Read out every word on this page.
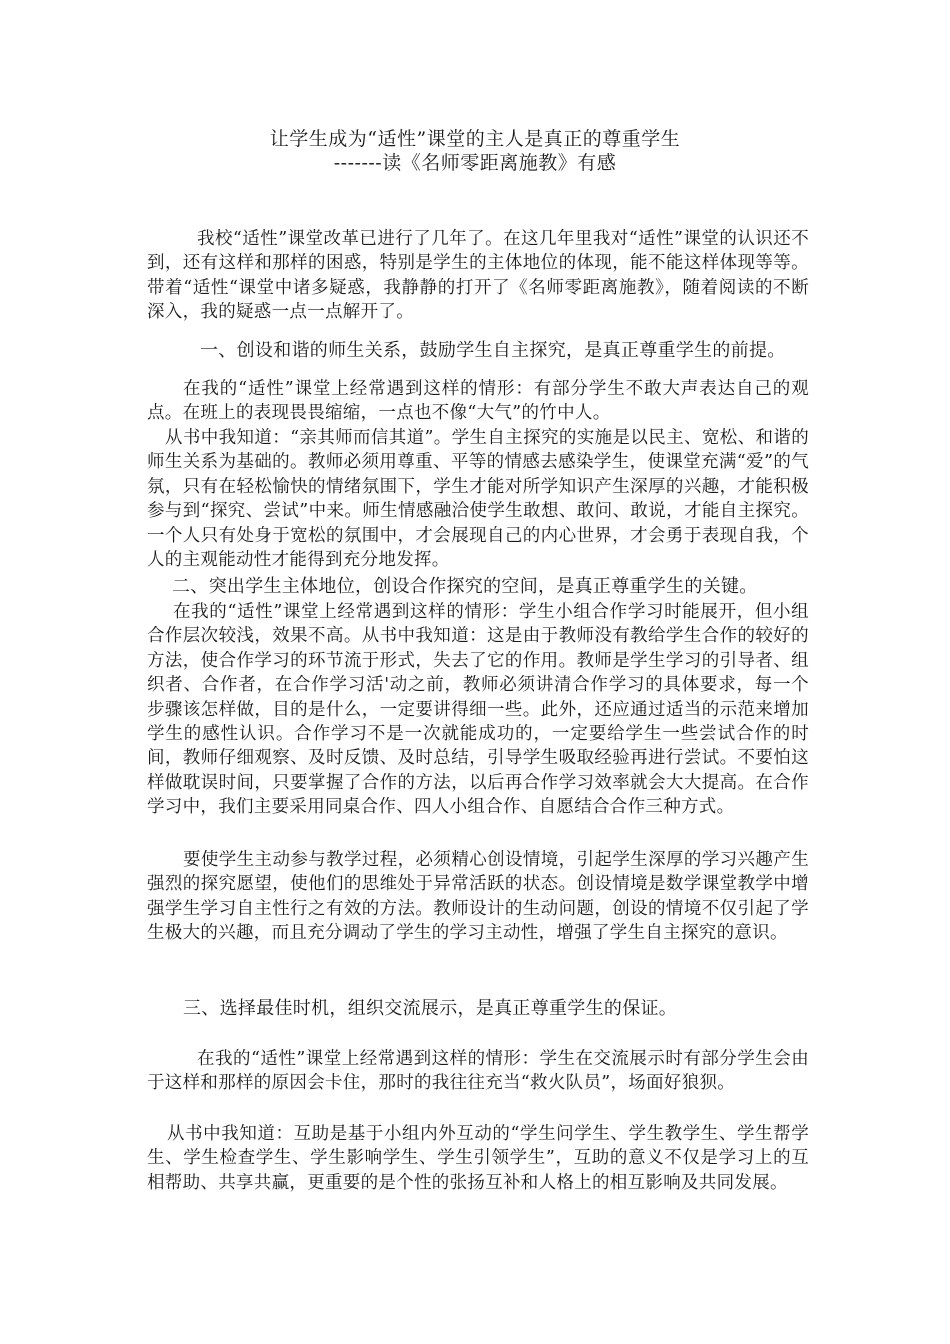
让学生成为“适性”课堂的主人是真正的尊重学生
-------读《名师零距离施教》有感
我校“适性”课堂改革已进行了几年了。在这几年里我对“适性”课堂的认识还不到，还有这样和那样的困惑，特别是学生的主体地位的体现，能不能这样体现等等。带着“适性“课堂中诸多疑惑，我静静的打开了《名师零距离施教》，随着阅读的不断深入，我的疑惑一点一点解开了。
一、创设和谐的师生关系，鼓励学生自主探究，是真正尊重学生的前提。
在我的“适性”课堂上经常遇到这样的情形：有部分学生不敢大声表达自己的观点。在班上的表现畏畏缩缩，一点也不像“大气”的竹中人。
从书中我知道：“亲其师而信其道”。学生自主探究的实施是以民主、宽松、和谐的师生关系为基础的。教师必须用尊重、平等的情感去感染学生，使课堂充满“爱”的气氛，只有在轻松愉快的情绪氛围下，学生才能对所学知识产生深厚的兴趣，才能积极参与到“探究、尝试”中来。师生情感融洽使学生敢想、敢问、敢说，才能自主探究。一个人只有处身于宽松的氛围中，才会展现自己的内心世界，才会勇于表现自我，个人的主观能动性才能得到充分地发挥。
二、突出学生主体地位，创设合作探究的空间，是真正尊重学生的关键。
在我的“适性”课堂上经常遇到这样的情形：学生小组合作学习时能展开，但小组合作层次较浅，效果不高。从书中我知道：这是由于教师没有教给学生合作的较好的方法，使合作学习的环节流于形式，失去了它的作用。教师是学生学习的引导者、组织者、合作者，在合作学习活'动之前，教师必须讲清合作学习的具体要求，每一个步骤该怎样做，目的是什么，一定要讲得细一些。此外，还应通过适当的示范来增加学生的感性认识。合作学习不是一次就能成功的，一定要给学生一些尝试合作的时间，教师仔细观察、及时反馈、及时总结，引导学生吸取经验再进行尝试。不要怕这样做耽误时间，只要掌握了合作的方法，以后再合作学习效率就会大大提高。在合作学习中，我们主要采用同桌合作、四人小组合作、自愿结合合作三种方式。
要使学生主动参与教学过程，必须精心创设情境，引起学生深厚的学习兴趣产生强烈的探究愿望，使他们的思维处于异常活跃的状态。创设情境是数学课堂教学中增强学生学习自主性行之有效的方法。教师设计的生动问题，创设的情境不仅引起了学生极大的兴趣，而且充分调动了学生的学习主动性，增强了学生自主探究的意识。
三、选择最佳时机，组织交流展示，是真正尊重学生的保证。
在我的“适性”课堂上经常遇到这样的情形：学生在交流展示时有部分学生会由于这样和那样的原因会卡住，那时的我往往充当“救火队员”，场面好狼狈。
从书中我知道：互助是基于小组内外互动的“学生问学生、学生教学生、学生帮学生、学生检查学生、学生影响学生、学生引领学生”，互助的意义不仅是学习上的互相帮助、共享共赢，更重要的是个性的张扬互补和人格上的相互影响及共同发展。
